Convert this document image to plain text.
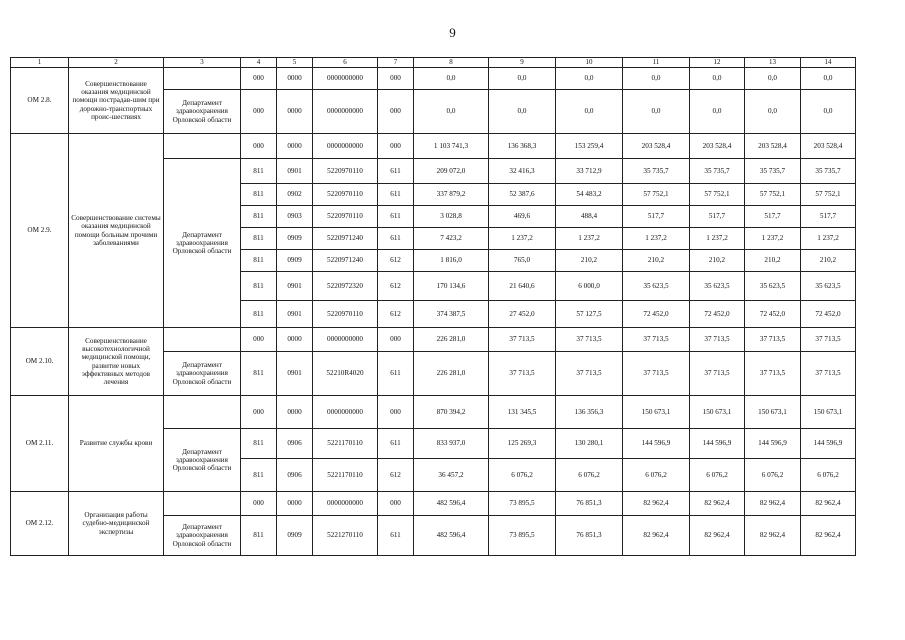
9
1	2	3	4	5	6	7	8	9	10	11	12	13	14
ОМ 2.8.	Совершенствование оказания медицинской помощи пострадав-шим при дорожно-транспортных проис-шествиях		000	0000	0000000000	000	0,0	0,0	0,0	0,0	0,0	0,0	0,0
		Департамент здравоохранения Орловской области	000	0000	0000000000	000	0,0	0,0	0,0	0,0	0,0	0,0	0,0
ОМ 2.9.	Совершенствование системы оказания медицинской помощи больным прочими заболеваниями		000	0000	0000000000	000	1 103 741,3	136 368,3	153 259,4	203 528,4	203 528,4	203 528,4	203 528,4
		Департамент здравоохранения Орловской области	811	0901	5220970110	611	209 072,0	32 416,3	33 712,9	35 735,7	35 735,7	35 735,7	35 735,7
			811	0902	5220970110	611	337 879,2	52 387,6	54 483,2	57 752,1	57 752,1	57 752,1	57 752,1
			811	0903	5220970110	611	3 028,8	469,6	488,4	517,7	517,7	517,7	517,7
			811	0909	5220971240	611	7 423,2	1 237,2	1 237,2	1 237,2	1 237,2	1 237,2	1 237,2
			811	0909	5220971240	612	1 816,0	765,0	210,2	210,2	210,2	210,2	210,2
			811	0901	5220972320	612	170 134,6	21 640,6	6 000,0	35 623,5	35 623,5	35 623,5	35 623,5
			811	0901	5220970110	612	374 387,5	27 452,0	57 127,5	72 452,0	72 452,0	72 452,0	72 452,0
ОМ 2.10.	Совершенствование высокотехнологичной медицинской помощи, развитие новых эффективных методов лечения		000	0000	0000000000	000	226 281,0	37 713,5	37 713,5	37 713,5	37 713,5	37 713,5	37 713,5
		Департамент здравоохранения Орловской области	811	0901	52210R4020	611	226 281,0	37 713,5	37 713,5	37 713,5	37 713,5	37 713,5	37 713,5
ОМ 2.11.	Развитие службы крови		000	0000	0000000000	000	870 394,2	131 345,5	136 356,3	150 673,1	150 673,1	150 673,1	150 673,1
		Департамент здравоохранения Орловской области	811	0906	5221170110	611	833 937,0	125 269,3	130 280,1	144 596,9	144 596,9	144 596,9	144 596,9
			811	0906	5221170110	612	36 457,2	6 076,2	6 076,2	6 076,2	6 076,2	6 076,2	6 076,2
ОМ 2.12.	Организация работы судебно-медицинской экспертизы		000	0000	0000000000	000	482 596,4	73 895,5	76 851,3	82 962,4	82 962,4	82 962,4	82 962,4
		Департамент здравоохранения Орловской области	811	0909	5221270110	611	482 596,4	73 895,5	76 851,3	82 962,4	82 962,4	82 962,4	82 962,4
